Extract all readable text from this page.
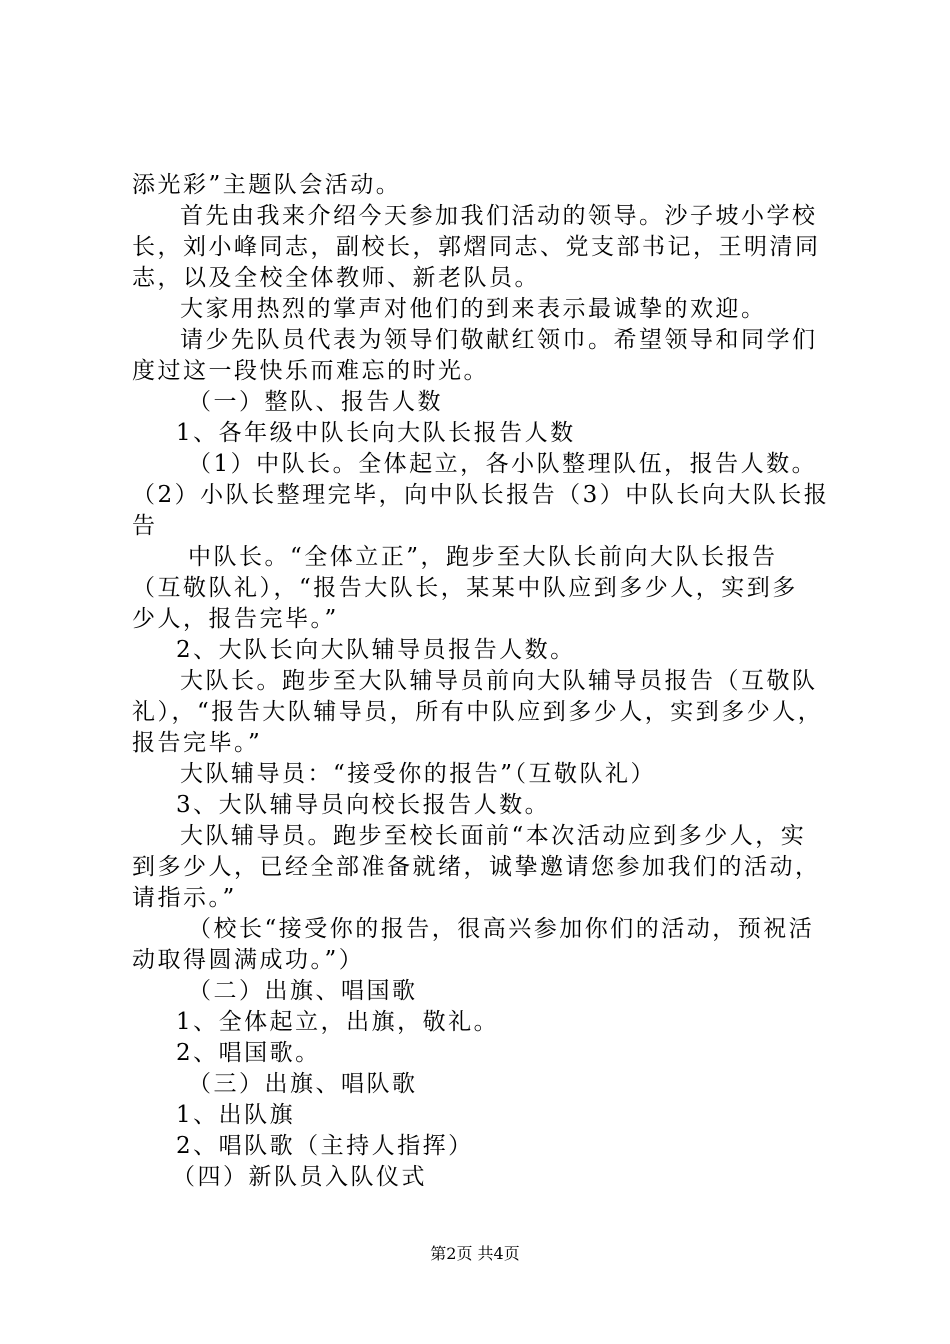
添光彩”主题队会活动。

首先由我来介绍今天参加我们活动的领导。沙子坡小学校

长，刘小峰同志，副校长，郭熠同志、党支部书记，王明清同

志，以及全校全体教师、新老队员。

大家用热烈的掌声对他们的到来表示最诚挚的欢迎。

请少先队员代表为领导们敬献红领巾。希望领导和同学们

度过这一段快乐而难忘的时光。

（一）整队、报告人数

1、各年级中队长向大队长报告人数

（1）中队长。全体起立，各小队整理队伍，报告人数。

（2）小队长整理完毕，向中队长报告（3）中队长向大队长报

告

中队长。“全体立正”，跑步至大队长前向大队长报告

（互敬队礼），“报告大队长，某某中队应到多少人，实到多

少人，报告完毕。”

2、大队长向大队辅导员报告人数。

大队长。跑步至大队辅导员前向大队辅导员报告（互敬队

礼），“报告大队辅导员，所有中队应到多少人，实到多少人，

报告完毕。”

大队辅导员：“接受你的报告”（互敬队礼）

3、大队辅导员向校长报告人数。

大队辅导员。跑步至校长面前“本次活动应到多少人，实

到多少人，已经全部准备就绪，诚挚邀请您参加我们的活动，

请指示。”

（校长“接受你的报告，很高兴参加你们的活动，预祝活

动取得圆满成功。”）

（二）出旗、唱国歌

1、全体起立，出旗，敬礼。

2、唱国歌。

（三）出旗、唱队歌

1、出队旗

2、唱队歌（主持人指挥）

（四）新队员入队仪式

第2页 共4页
